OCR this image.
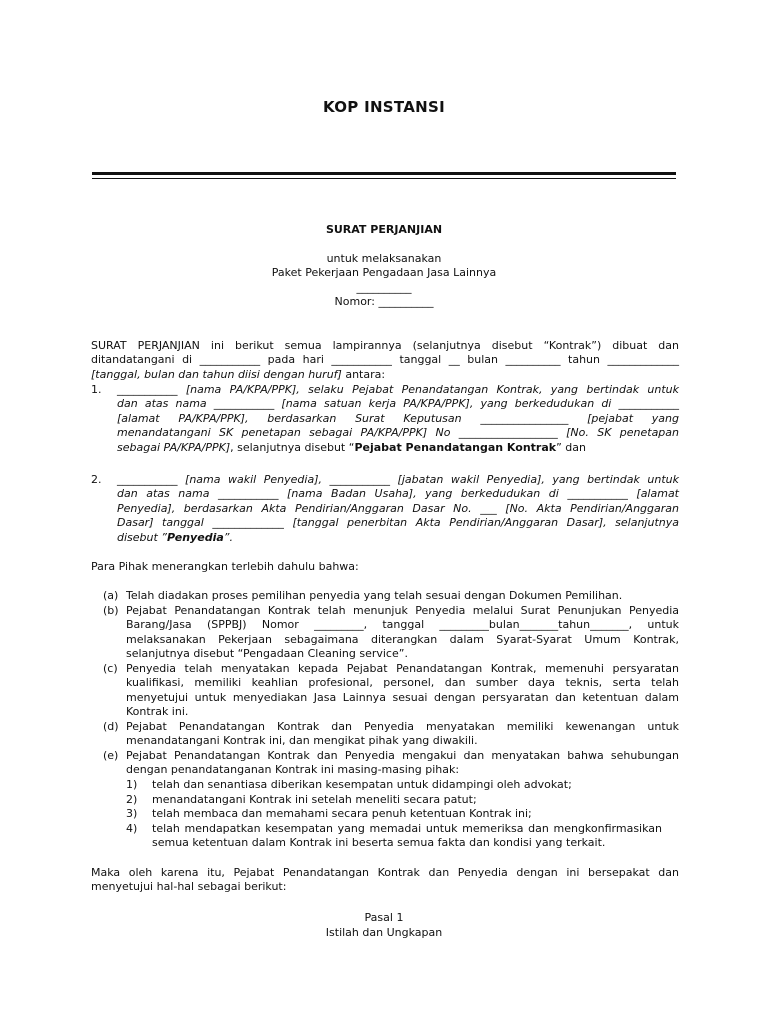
KOP INSTANSI
SURAT PERJANJIAN
untuk melaksanakan
Paket Pekerjaan Pengadaan Jasa Lainnya
__________
Nomor: __________
SURAT PERJANJIAN ini berikut semua lampirannya (selanjutnya disebut “Kontrak”) dibuat dan
ditandatangani di ___________ pada hari ___________ tanggal __ bulan __________ tahun _____________
[tanggal, bulan dan tahun diisi dengan huruf] antara:
1. ___________ [nama PA/KPA/PPK], selaku Pejabat Penandatangan Kontrak, yang bertindak untuk
dan atas nama ___________ [nama satuan kerja PA/KPA/PPK], yang berkedudukan di ___________
[alamat PA/KPA/PPK], berdasarkan Surat Keputusan ________________ [pejabat yang
menandatangani SK penetapan sebagai PA/KPA/PPK] No __________________ [No. SK penetapan
sebagai PA/KPA/PPK], selanjutnya disebut “Pejabat Penandatangan Kontrak” dan
2. ___________ [nama wakil Penyedia], ___________ [jabatan wakil Penyedia], yang bertindak untuk
dan atas nama ___________ [nama Badan Usaha], yang berkedudukan di ___________ [alamat
Penyedia], berdasarkan Akta Pendirian/Anggaran Dasar No. ___ [No. Akta Pendirian/Anggaran
Dasar] tanggal _____________ [tanggal penerbitan Akta Pendirian/Anggaran Dasar], selanjutnya
disebut ”Penyedia”.
Para Pihak menerangkan terlebih dahulu bahwa:
(a) Telah diadakan proses pemilihan penyedia yang telah sesuai dengan Dokumen Pemilihan.
(b) Pejabat Penandatangan Kontrak telah menunjuk Penyedia melalui Surat Penunjukan Penyedia
Barang/Jasa (SPPBJ) Nomor _________, tanggal _________bulan_______tahun_______, untuk
melaksanakan Pekerjaan sebagaimana diterangkan dalam Syarat-Syarat Umum Kontrak,
selanjutnya disebut “Pengadaan Cleaning service”.
(c) Penyedia telah menyatakan kepada Pejabat Penandatangan Kontrak, memenuhi persyaratan
kualifikasi, memiliki keahlian profesional, personel, dan sumber daya teknis, serta telah
menyetujui untuk menyediakan Jasa Lainnya sesuai dengan persyaratan dan ketentuan dalam
Kontrak ini.
(d) Pejabat Penandatangan Kontrak dan Penyedia menyatakan memiliki kewenangan untuk
menandatangani Kontrak ini, dan mengikat pihak yang diwakili.
(e) Pejabat Penandatangan Kontrak dan Penyedia mengakui dan menyatakan bahwa sehubungan
dengan penandatanganan Kontrak ini masing-masing pihak:
1) telah dan senantiasa diberikan kesempatan untuk didampingi oleh advokat;
2) menandatangani Kontrak ini setelah meneliti secara patut;
3) telah membaca dan memahami secara penuh ketentuan Kontrak ini;
4) telah mendapatkan kesempatan yang memadai untuk memeriksa dan mengkonfirmasikan
semua ketentuan dalam Kontrak ini beserta semua fakta dan kondisi yang terkait.
Maka oleh karena itu, Pejabat Penandatangan Kontrak dan Penyedia dengan ini bersepakat dan
menyetujui hal-hal sebagai berikut:
Pasal 1
Istilah dan Ungkapan
